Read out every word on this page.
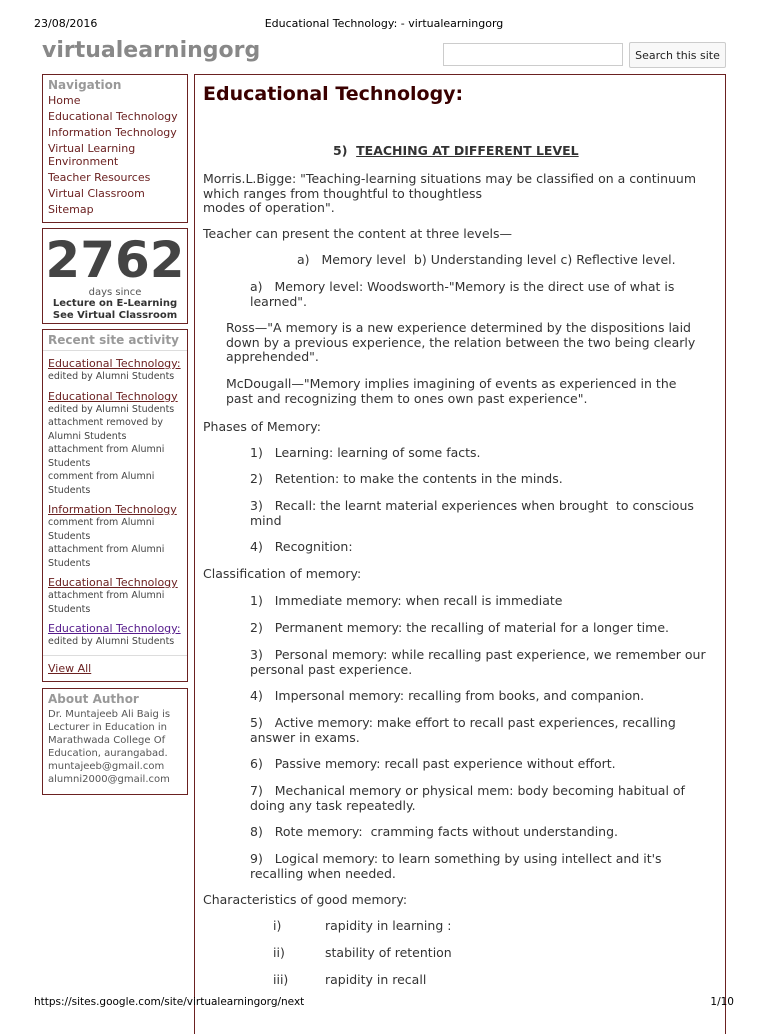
23/08/2016	Educational Technology: - virtualearningorg
virtualearningorg	Search this site
Navigation
Home
Educational Technology
Information Technology
Virtual Learning
Environment
Teacher Resources
Virtual Classroom
Sitemap
2762
days since
Lecture on E-Learning
See Virtual Classroom
Recent site activity
Educational Technology:
edited by Alumni Students
Educational Technology
edited by Alumni Students
attachment removed by
Alumni Students
attachment from Alumni
Students
comment from Alumni
Students
Information Technology
comment from Alumni
Students
attachment from Alumni
Students
Educational Technology
attachment from Alumni
Students
Educational Technology:
edited by Alumni Students
View All
About Author
Dr. Muntajeeb Ali Baig is
Lecturer in Education in
Marathwada College Of
Education, aurangabad.
muntajeeb@gmail.com
alumni2000@gmail.com
Educational Technology:
5) TEACHING AT DIFFERENT LEVEL
Morris.L.Bigge: "Teaching-learning situations may be classified on a continuum which ranges from thoughtful to thoughtless
modes of operation".
Teacher can present the content at three levels—
a)   Memory level  b) Understanding level c) Reflective level.
a)   Memory level: Woodsworth-"Memory is the direct use of what is learned".
Ross—"A memory is a new experience determined by the dispositions laid down by a previous experience, the relation between the two being clearly apprehended".
McDougall—"Memory implies imagining of events as experienced in the past and recognizing them to ones own past experience".
Phases of Memory:
1)   Learning: learning of some facts.
2)   Retention: to make the contents in the minds.
3)   Recall: the learnt material experiences when brought  to conscious mind
4)   Recognition:
Classification of memory:
1)   Immediate memory: when recall is immediate
2)   Permanent memory: the recalling of material for a longer time.
3)   Personal memory: while recalling past experience, we remember our personal past experience.
4)   Impersonal memory: recalling from books, and companion.
5)   Active memory: make effort to recall past experiences, recalling answer in exams.
6)   Passive memory: recall past experience without effort.
7)   Mechanical memory or physical mem: body becoming habitual of doing any task repeatedly.
8)   Rote memory:  cramming facts without understanding.
9)   Logical memory: to learn something by using intellect and it's recalling when needed.
Characteristics of good memory:
i)	rapidity in learning :
ii)	stability of retention
iii)	rapidity in recall
https://sites.google.com/site/virtualearningorg/next	1/10
